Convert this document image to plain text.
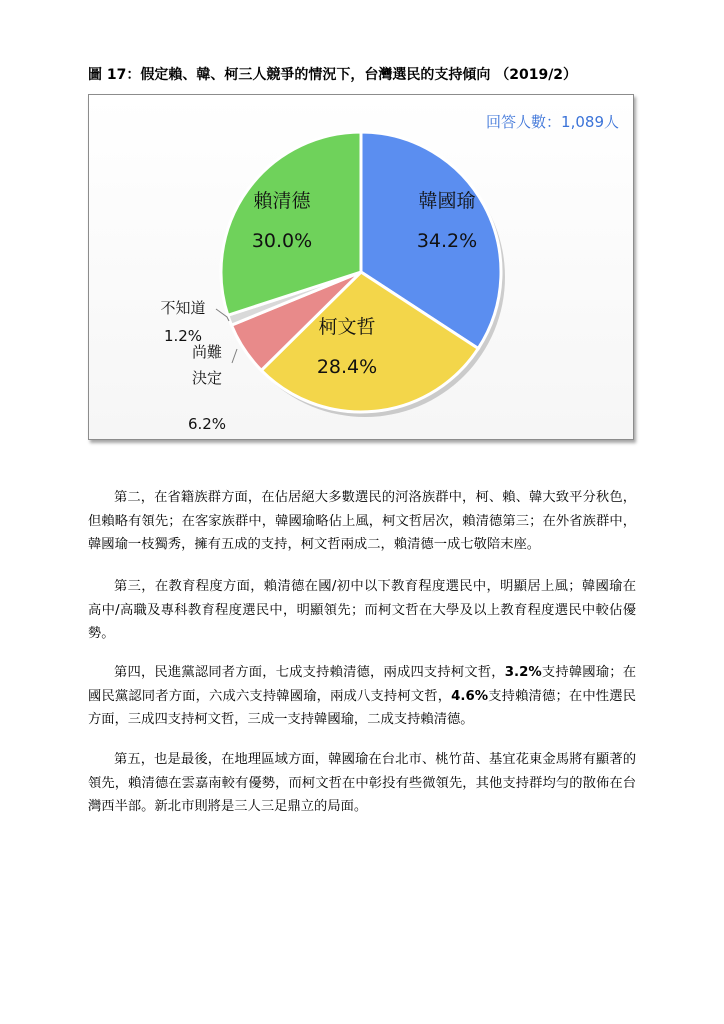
圖 17：假定賴、韓、柯三人競爭的情況下，台灣選民的支持傾向 （2019/2）
韓國瑜
34.2%
柯文哲
28.4%
尚難
決定
6.2%
不知道
1.2%
賴清德
30.0%
回答人數：1,089人

第二，在省籍族群方面，在佔居絕大多數選民的河洛族群中，柯、賴、韓大致平分秋色，但賴略有領先；在客家族群中，韓國瑜略佔上風，柯文哲居次，賴清德第三；在外省族群中，韓國瑜一枝獨秀，擁有五成的支持，柯文哲兩成二，賴清德一成七敬陪末座。

第三，在教育程度方面，賴清德在國/初中以下教育程度選民中，明顯居上風；韓國瑜在高中/高職及專科教育程度選民中，明顯領先；而柯文哲在大學及以上教育程度選民中較佔優勢。

第四，民進黨認同者方面，七成支持賴清德，兩成四支持柯文哲，3.2%支持韓國瑜；在國民黨認同者方面，六成六支持韓國瑜，兩成八支持柯文哲，4.6%支持賴清德；在中性選民方面，三成四支持柯文哲，三成一支持韓國瑜，二成支持賴清德。

第五，也是最後，在地理區域方面，韓國瑜在台北市、桃竹苗、基宜花東金馬將有顯著的領先，賴清德在雲嘉南較有優勢，而柯文哲在中彰投有些微領先，其他支持群均勻的散佈在台灣西半部。新北市則將是三人三足鼎立的局面。
